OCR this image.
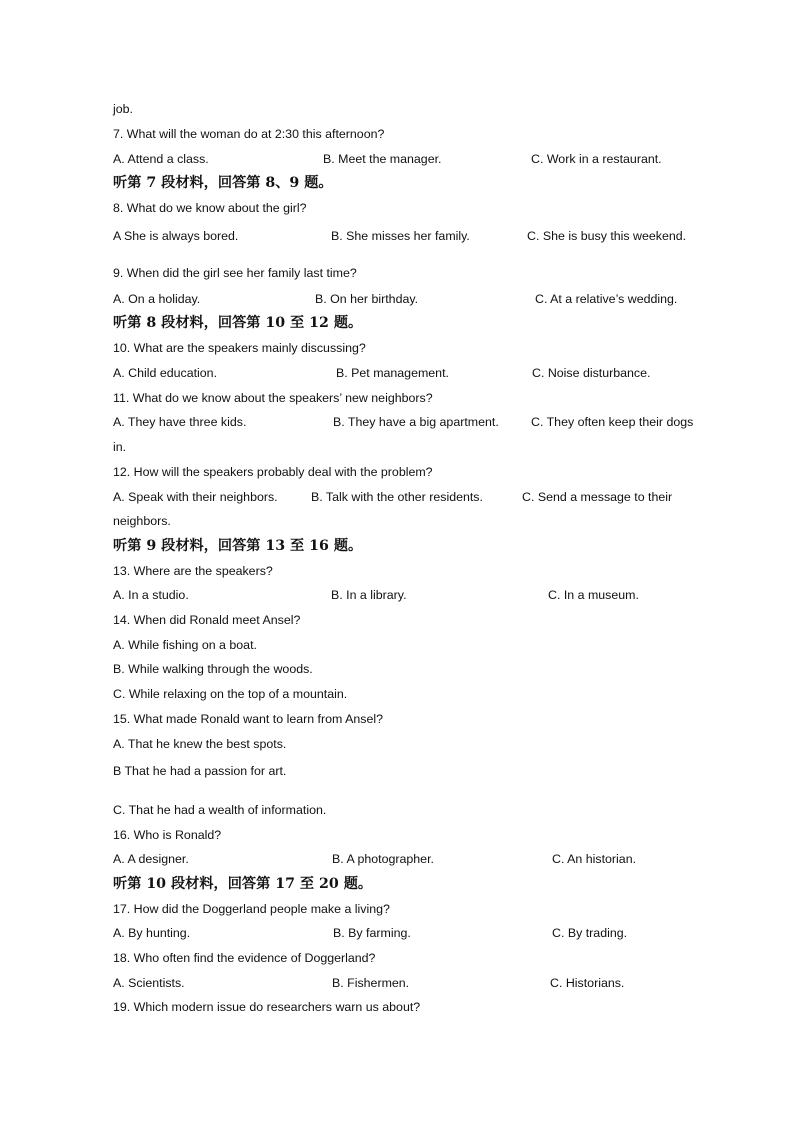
job.
7. What will the woman do at 2:30 this afternoon?
A. Attend a class.	B. Meet the manager.	C. Work in a restaurant.
听第 7 段材料，回答第 8、9 题。
8. What do we know about the girl?
A She is always bored.	B. She misses her family.	C. She is busy this weekend.
9. When did the girl see her family last time?
A. On a holiday.	B. On her birthday.	C. At a relative’s wedding.
听第 8 段材料，回答第 10 至 12 题。
10. What are the speakers mainly discussing?
A. Child education.	B. Pet management.	C. Noise disturbance.
11. What do we know about the speakers’ new neighbors?
A. They have three kids.	B. They have a big apartment.	C. They often keep their dogs
in.
12. How will the speakers probably deal with the problem?
A. Speak with their neighbors.	B. Talk with the other residents.	C. Send a message to their
neighbors.
听第 9 段材料，回答第 13 至 16 题。
13. Where are the speakers?
A. In a studio.	B. In a library.	C. In a museum.
14. When did Ronald meet Ansel?
A. While fishing on a boat.
B. While walking through the woods.
C. While relaxing on the top of a mountain.
15. What made Ronald want to learn from Ansel?
A. That he knew the best spots.
B That he had a passion for art.
C. That he had a wealth of information.
16. Who is Ronald?
A. A designer.	B. A photographer.	C. An historian.
听第 10 段材料，回答第 17 至 20 题。
17. How did the Doggerland people make a living?
A. By hunting.	B. By farming.	C. By trading.
18. Who often find the evidence of Doggerland?
A. Scientists.	B. Fishermen.	C. Historians.
19. Which modern issue do researchers warn us about?
